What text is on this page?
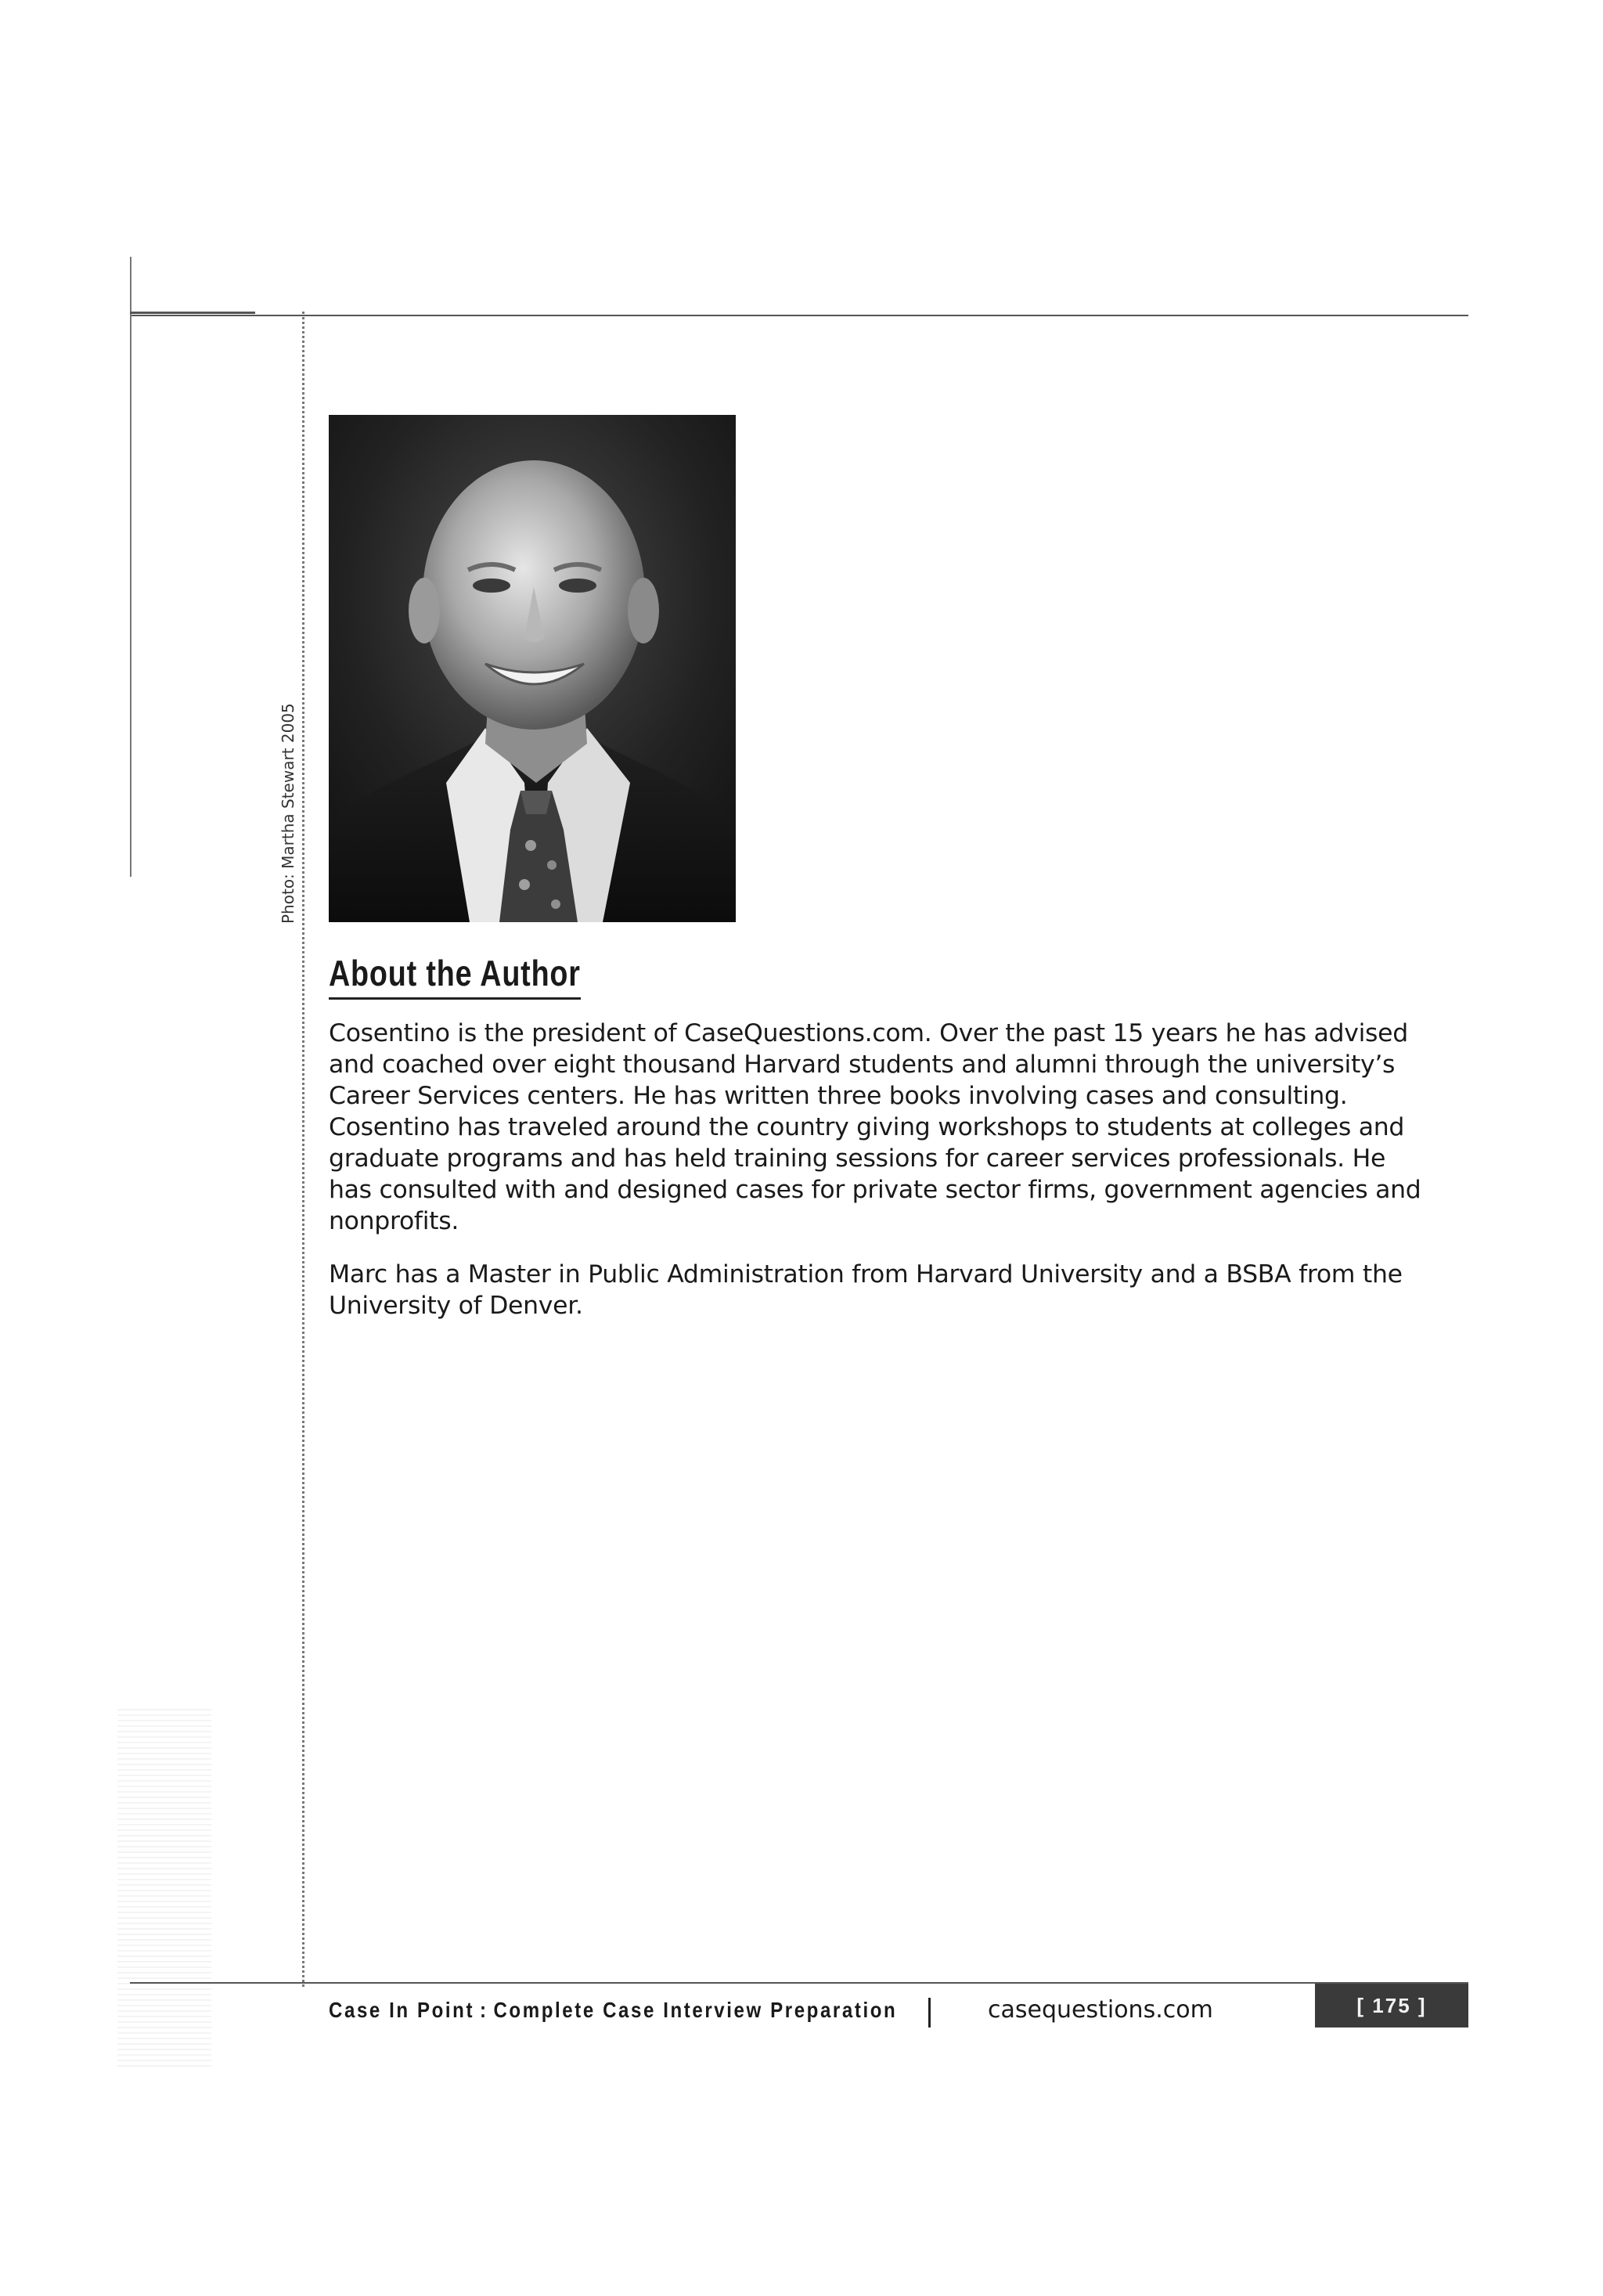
Photo: Martha Stewart 2005
About the Author

Cosentino is the president of CaseQuestions.com. Over the past 15 years he has advised and coached over eight thousand Harvard students and alumni through the university’s Career Services centers. He has written three books involving cases and consulting. Cosentino has traveled around the country giving workshops to students at colleges and graduate programs and has held training sessions for career services professionals. He has consulted with and designed cases for private sector firms, government agencies and nonprofits.

Marc has a Master in Public Administration from Harvard University and a BSBA from the University of Denver.

Case In Point : Complete Case Interview Preparation	casequestions.com	[ 175 ]
